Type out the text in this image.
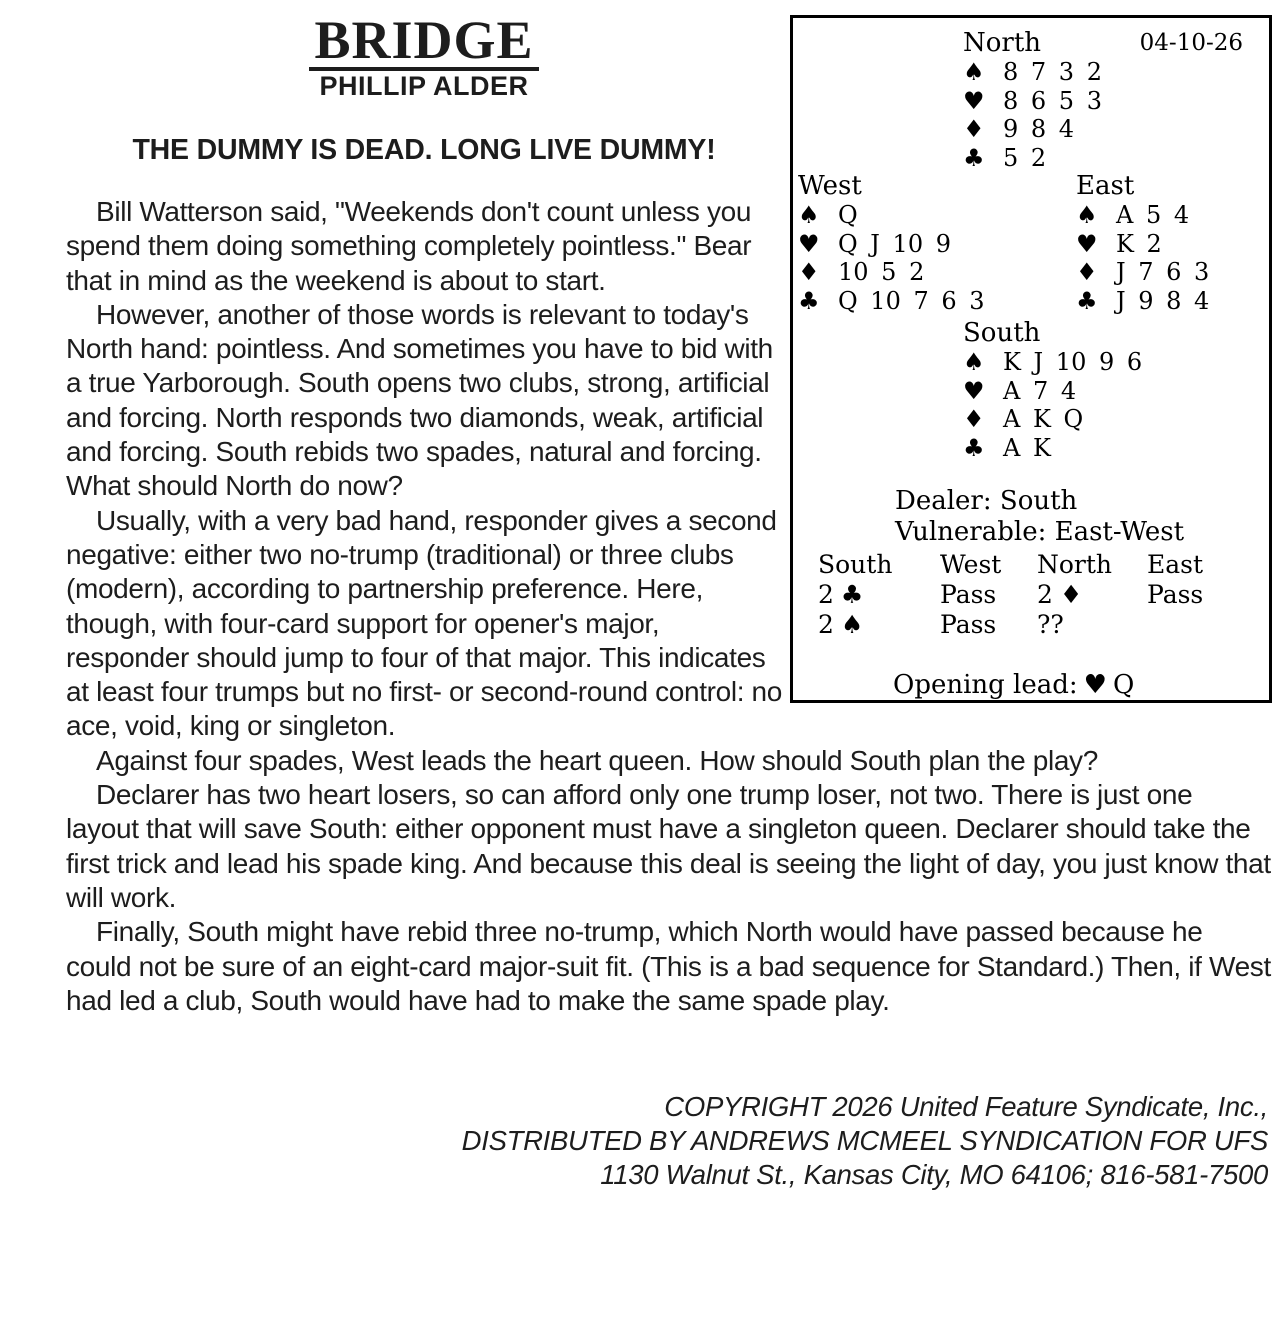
04-10-26
North
♠ 8 7 3 2
♥ 8 6 5 3
♦ 9 8 4
♣ 5 2
West
♠ Q
♥ Q J 10 9
♦ 10 5 2
♣ Q 10 7 6 3
East
♠ A 5 4
♥ K 2
♦ J 7 6 3
♣ J 9 8 4
South
♠ K J 10 9 6
♥ A 7 4
♦ A K Q
♣ A K
Dealer: South
Vulnerable: East-West
South	West	North	East
2 ♣	Pass	2 ♦	Pass
2 ♠	Pass	??
Opening lead: ♥ Q
BRIDGE
PHILLIP ALDER
THE DUMMY IS DEAD. LONG LIVE DUMMY!

Bill Watterson said, "Weekends don't count unless you spend them doing something completely pointless." Bear that in mind as the weekend is about to start.

However, another of those words is relevant to today's North hand: pointless. And sometimes you have to bid with a true Yarborough. South opens two clubs, strong, artificial and forcing. North responds two diamonds, weak, artificial and forcing. South rebids two spades, natural and forcing. What should North do now?

Usually, with a very bad hand, responder gives a second negative: either two no-trump (traditional) or three clubs (modern), according to partnership preference. Here, though, with four-card support for opener's major, responder should jump to four of that major. This indicates at least four trumps but no first- or second-round control: no ace, void, king or singleton.

Against four spades, West leads the heart queen. How should South plan the play?

Declarer has two heart losers, so can afford only one trump loser, not two. There is just one layout that will save South: either opponent must have a singleton queen. Declarer should take the first trick and lead his spade king. And because this deal is seeing the light of day, you just know that will work.

Finally, South might have rebid three no-trump, which North would have passed because he could not be sure of an eight-card major-suit fit. (This is a bad sequence for Standard.) Then, if West had led a club, South would have had to make the same spade play.

COPYRIGHT 2026 United Feature Syndicate, Inc.,
DISTRIBUTED BY ANDREWS MCMEEL SYNDICATION FOR UFS
1130 Walnut St., Kansas City, MO 64106; 816-581-7500
